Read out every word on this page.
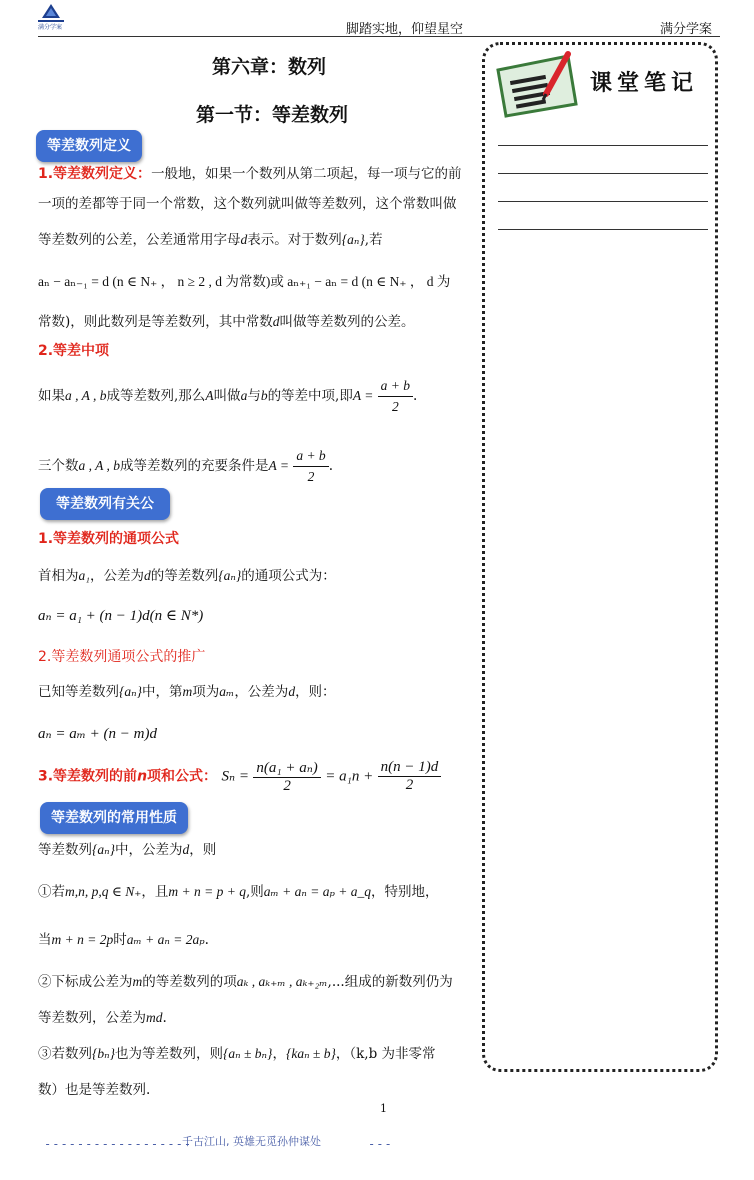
满分学案	脚踏实地，仰望星空	满分学案
第六章：数列
第一节：等差数列
课堂笔记
等差数列定义
1.等差数列定义：一般地，如果一个数列从第二项起，每一项与它的前
一项的差都等于同一个常数，这个数列就叫做等差数列，这个常数叫做
等差数列的公差，公差通常用字母d表示。对于数列{aₙ},若
aₙ − aₙ₋₁ = d (n ∈ N₊ ， n ≥ 2 , d 为常数)或 aₙ₊₁ − aₙ = d (n ∈ N₊ ， d 为
常数)，则此数列是等差数列，其中常数d叫做等差数列的公差。
2.等差中项
如果a , A , b成等差数列,那么A叫做a与b的等差中项,即$A = \frac{a + b}{2}$ .
三个数a , A , b成等差数列的充要条件是$A = \frac{a + b}{2}$ .
等差数列有关公
1.等差数列的通项公式
首相为a₁，公差为d的等差数列{aₙ}的通项公式为：
aₙ = a₁ + (n − 1)d(n ∈ N*)
2.等差数列通项公式的推广
已知等差数列{aₙ}中，第m项为aₘ，公差为d，则：
aₙ = aₘ + (n − m)d
3.等差数列的前n项和公式： $S_n = \frac{\text{n(a₁ + aₙ)}}{2} = a_1n + \frac{n(n - 1)d}{2}$
等差数列的常用性质
等差数列{aₙ}中，公差为d，则
①若m,n, p,q ∈ N₊，且m + n = p + q,则aₘ + aₙ = aₚ + a_q，特别地，
当m + n = 2p时aₘ + aₙ = 2aₚ.
②下标成公差为m的等差数列的项aₖ , aₖ₊ₘ , aₖ₊₂ₘ,...组成的新数列仍为
等差数列，公差为md.
③若数列{bₙ}也为等差数列，则{aₙ ± bₙ}，{kaₙ ± b}，（k,b 为非零常
数）也是等差数列.
1
------------------
千古江山, 英雄无觅孙仲谋处	---
